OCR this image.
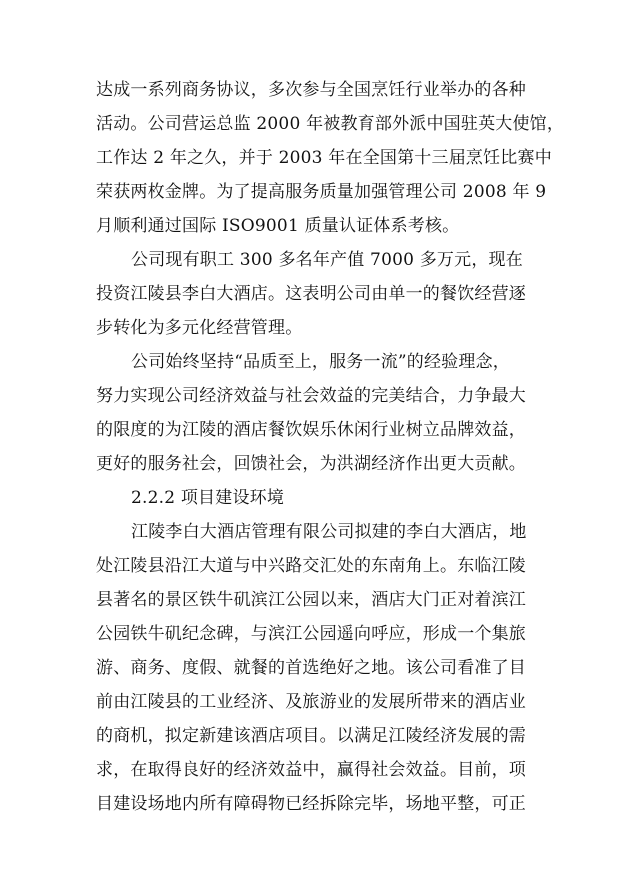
达成一系列商务协议，多次参与全国烹饪行业举办的各种
活动。公司营运总监 2000 年被教育部外派中国驻英大使馆，
工作达 2 年之久，并于 2003 年在全国第十三届烹饪比赛中
荣获两枚金牌。为了提高服务质量加强管理公司 2008 年 9
月顺利通过国际 ISO9001 质量认证体系考核。
公司现有职工 300 多名年产值 7000 多万元，现在
投资江陵县李白大酒店。这表明公司由单一的餐饮经营逐
步转化为多元化经营管理。
公司始终坚持“品质至上，服务一流”的经验理念，
努力实现公司经济效益与社会效益的完美结合，力争最大
的限度的为江陵的酒店餐饮娱乐休闲行业树立品牌效益，
更好的服务社会，回馈社会，为洪湖经济作出更大贡献。
2.2.2 项目建设环境
江陵李白大酒店管理有限公司拟建的李白大酒店，地
处江陵县沿江大道与中兴路交汇处的东南角上。东临江陵
县著名的景区铁牛矶滨江公园以来，酒店大门正对着滨江
公园铁牛矶纪念碑，与滨江公园遥向呼应，形成一个集旅
游、商务、度假、就餐的首选绝好之地。该公司看准了目
前由江陵县的工业经济、及旅游业的发展所带来的酒店业
的商机，拟定新建该酒店项目。以满足江陵经济发展的需
求，在取得良好的经济效益中，赢得社会效益。目前，项
目建设场地内所有障碍物已经拆除完毕，场地平整，可正
